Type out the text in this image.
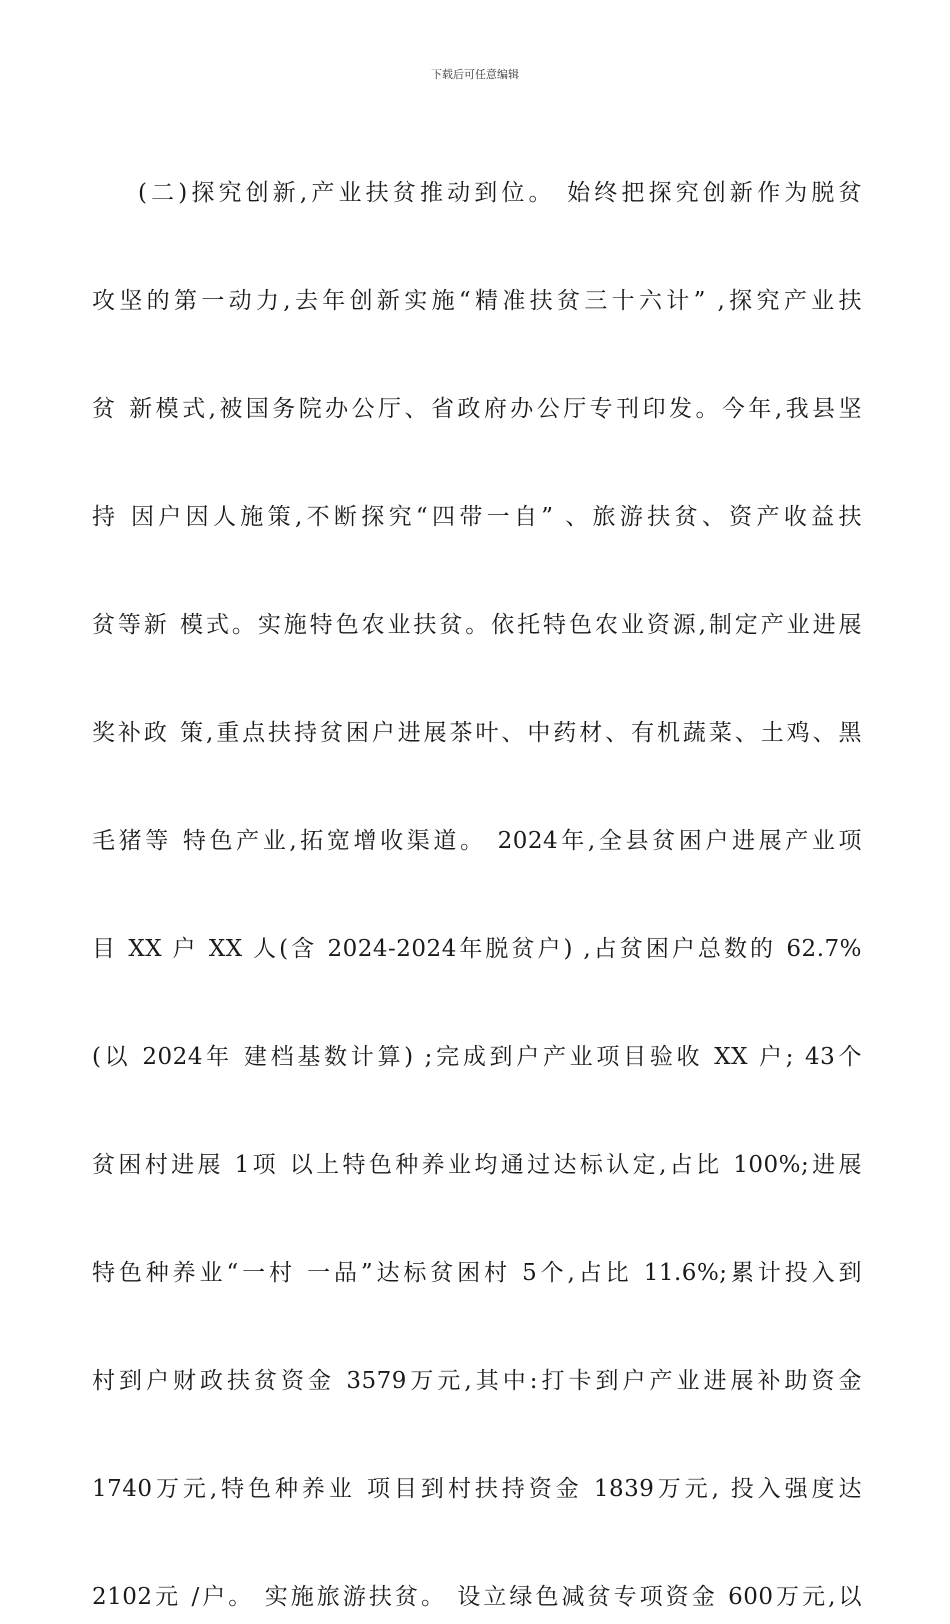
下载后可任意编辑
(二)探究创新,产业扶贫推动到位。 始终把探究创新作为脱贫
攻坚的第一动力,去年创新实施“精准扶贫三十六计” ,探究产业扶
贫 新模式,被国务院办公厅、省政府办公厅专刊印发。今年,我县坚
持 因户因人施策,不断探究“四带一自” 、旅游扶贫、资产收益扶
贫等新 模式。实施特色农业扶贫。依托特色农业资源,制定产业进展
奖补政 策,重点扶持贫困户进展茶叶、中药材、有机蔬菜、土鸡、黑
毛猪等 特色产业,拓宽增收渠道。 2024年,全县贫困户进展产业项
目 XX 户 XX 人(含 2024-2024年脱贫户) ,占贫困户总数的 62.7%
(以 2024年 建档基数计算) ;完成到户产业项目验收 XX 户; 43个
贫困村进展 1项 以上特色种养业均通过达标认定,占比 100%;进展
特色种养业“一村 一品”达标贫困村 5个,占比 11.6%;累计投入到
村到户财政扶贫资金 3579万元,其中:打卡到户产业进展补助资金
1740万元,特色种养业 项目到村扶持资金 1839万元, 投入强度达
2102元 /户。 实施旅游扶贫。 设立绿色减贫专项资金 600万元,以
